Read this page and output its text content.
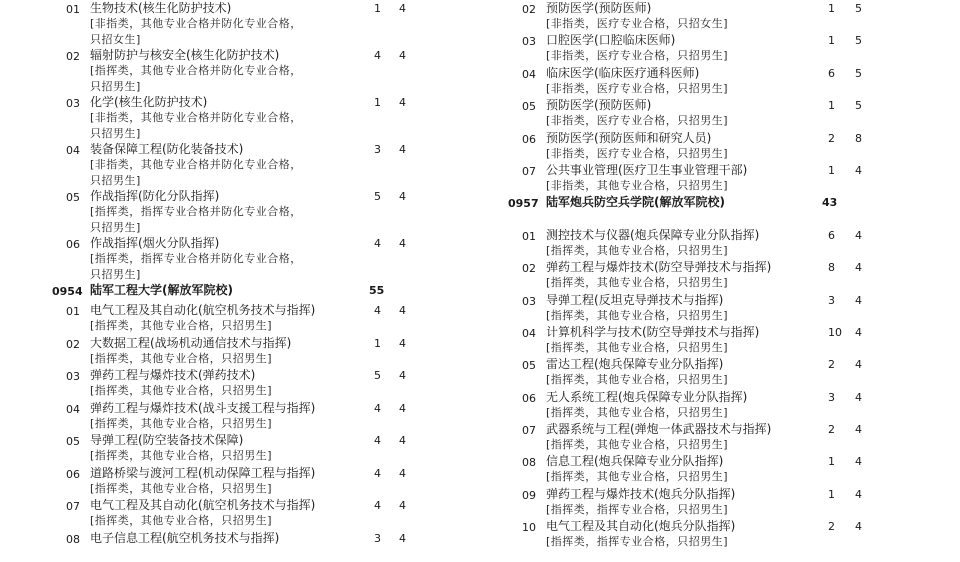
01 生物技术(核生化防护技术)	1 4
[非指类，其他专业合格并防化专业合格，只招女生]
02 辐射防护与核安全(核生化防护技术)	4 4
[指挥类，其他专业合格并防化专业合格，只招男生]
03 化学(核生化防护技术)	1 4
[非指类，其他专业合格并防化专业合格，只招男生]
04 装备保障工程(防化装备技术)	3 4
[非指类，其他专业合格并防化专业合格，只招男生]
05 作战指挥(防化分队指挥)	5 4
[指挥类，指挥专业合格并防化专业合格，只招男生]
06 作战指挥(烟火分队指挥)	4 4
[指挥类，指挥专业合格并防化专业合格，只招男生]
0954 陆军工程大学(解放军院校)	55
01 电气工程及其自动化(航空机务技术与指挥)	4 4
[指挥类，其他专业合格，只招男生]
02 大数据工程(战场机动通信技术与指挥)	1 4
[指挥类，其他专业合格，只招男生]
03 弹药工程与爆炸技术(弹药技术)	5 4
[指挥类，其他专业合格，只招男生]
04 弹药工程与爆炸技术(战斗支援工程与指挥)	4 4
[指挥类，其他专业合格，只招男生]
05 导弹工程(防空装备技术保障)	4 4
[指挥类，其他专业合格，只招男生]
06 道路桥梁与渡河工程(机动保障工程与指挥)	4 4
[指挥类，其他专业合格，只招男生]
07 电气工程及其自动化(航空机务技术与指挥)	4 4
[指挥类，其他专业合格，只招男生]
08 电子信息工程(航空机务技术与指挥)	3 4
02 预防医学(预防医师)	1 5
[非指类，医疗专业合格，只招女生]
03 口腔医学(口腔临床医师)	1 5
[非指类，医疗专业合格，只招男生]
04 临床医学(临床医疗通科医师)	6 5
[非指类，医疗专业合格，只招男生]
05 预防医学(预防医师)	1 5
[非指类，医疗专业合格，只招男生]
06 预防医学(预防医师和研究人员)	2 8
[非指类，医疗专业合格，只招男生]
07 公共事业管理(医疗卫生事业管理干部)	1 4
[非指类，其他专业合格，只招男生]
0957 陆军炮兵防空兵学院(解放军院校)	43
01 测控技术与仪器(炮兵保障专业分队指挥)	6 4
[指挥类，其他专业合格，只招男生]
02 弹药工程与爆炸技术(防空导弹技术与指挥)	8 4
[指挥类，其他专业合格，只招男生]
03 导弹工程(反坦克导弹技术与指挥)	3 4
[指挥类，其他专业合格，只招男生]
04 计算机科学与技术(防空导弹技术与指挥)	10 4
[指挥类，其他专业合格，只招男生]
05 雷达工程(炮兵保障专业分队指挥)	2 4
[指挥类，其他专业合格，只招男生]
06 无人系统工程(炮兵保障专业分队指挥)	3 4
[指挥类，其他专业合格，只招男生]
07 武器系统与工程(弹炮一体武器技术与指挥)	2 4
[指挥类，其他专业合格，只招男生]
08 信息工程(炮兵保障专业分队指挥)	1 4
[指挥类，其他专业合格，只招男生]
09 弹药工程与爆炸技术(炮兵分队指挥)	1 4
[指挥类，指挥专业合格，只招男生]
10 电气工程及其自动化(炮兵分队指挥)	2 4
[指挥类，指挥专业合格，只招男生]
